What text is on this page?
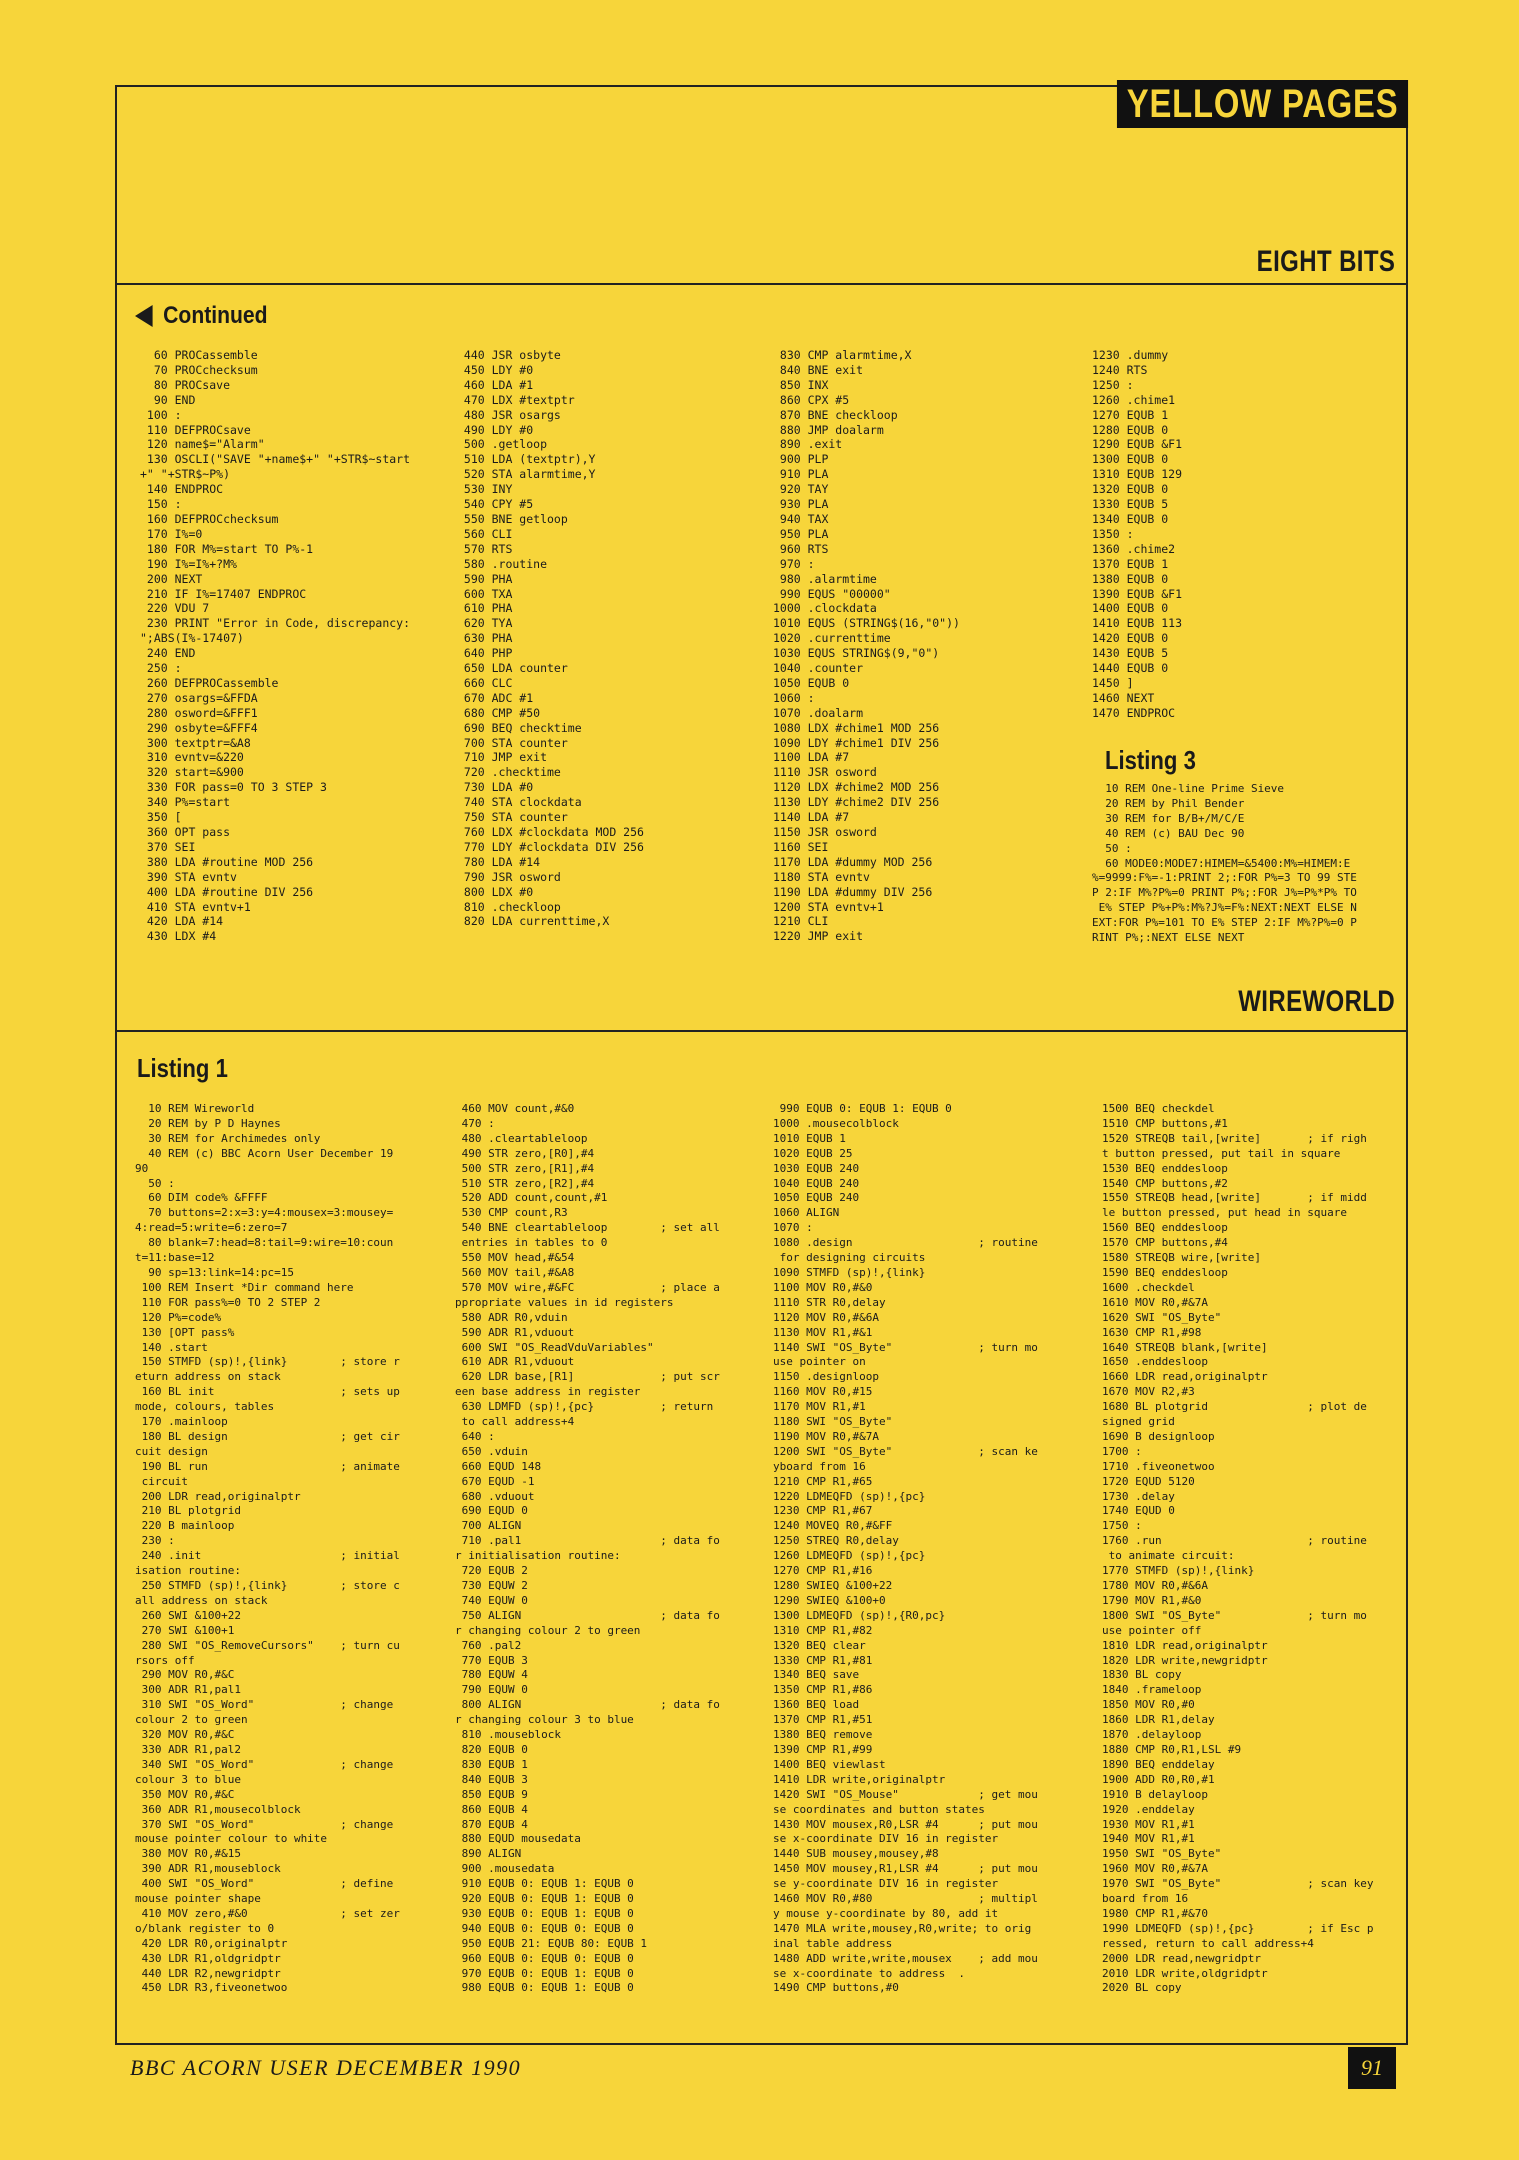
YELLOW PAGES
EIGHT BITS
Continued
60 PROCassemble
70 PROCchecksum
80 PROCsave
90 END
100 :
110 DEFPROCsave
120 name$="Alarm"
130 OSCLI("SAVE "+name$+" "+STR$~start
+" "+STR$~P%)
140 ENDPROC
150 :
160 DEFPROCchecksum
170 I%=0
180 FOR M%=start TO P%-1
190 I%=I%+?M%
200 NEXT
210 IF I%=17407 ENDPROC
220 VDU 7
230 PRINT "Error in Code, discrepancy:
";ABS(I%-17407)
240 END
250 :
260 DEFPROCassemble
270 osargs=&FFDA
280 osword=&FFF1
290 osbyte=&FFF4
300 textptr=&A8
310 evntv=&220
320 start=&900
330 FOR pass=0 TO 3 STEP 3
340 P%=start
350 [
360 OPT pass
370 SEI
380 LDA #routine MOD 256
390 STA evntv
400 LDA #routine DIV 256
410 STA evntv+1
420 LDA #14
430 LDX #4
440 JSR osbyte
450 LDY #0
460 LDA #1
470 LDX #textptr
480 JSR osargs
490 LDY #0
500 .getloop
510 LDA (textptr),Y
520 STA alarmtime,Y
530 INY
540 CPY #5
550 BNE getloop
560 CLI
570 RTS
580 .routine
590 PHA
600 TXA
610 PHA
620 TYA
630 PHA
640 PHP
650 LDA counter
660 CLC
670 ADC #1
680 CMP #50
690 BEQ checktime
700 STA counter
710 JMP exit
720 .checktime
730 LDA #0
740 STA clockdata
750 STA counter
760 LDX #clockdata MOD 256
770 LDY #clockdata DIV 256
780 LDA #14
790 JSR osword
800 LDX #0
810 .checkloop
820 LDA currenttime,X
830 CMP alarmtime,X
840 BNE exit
850 INX
860 CPX #5
870 BNE checkloop
880 JMP doalarm
890 .exit
900 PLP
910 PLA
920 TAY
930 PLA
940 TAX
950 PLA
960 RTS
970 :
980 .alarmtime
990 EQUS "00000"
1000 .clockdata
1010 EQUS (STRING$(16,"0"))
1020 .currenttime
1030 EQUS STRING$(9,"0")
1040 .counter
1050 EQUB 0
1060 :
1070 .doalarm
1080 LDX #chime1 MOD 256
1090 LDY #chime1 DIV 256
1100 LDA #7
1110 JSR osword
1120 LDX #chime2 MOD 256
1130 LDY #chime2 DIV 256
1140 LDA #7
1150 JSR osword
1160 SEI
1170 LDA #dummy MOD 256
1180 STA evntv
1190 LDA #dummy DIV 256
1200 STA evntv+1
1210 CLI
1220 JMP exit
1230 .dummy
1240 RTS
1250 :
1260 .chime1
1270 EQUB 1
1280 EQUB 0
1290 EQUB &F1
1300 EQUB 0
1310 EQUB 129
1320 EQUB 0
1330 EQUB 5
1340 EQUB 0
1350 :
1360 .chime2
1370 EQUB 1
1380 EQUB 0
1390 EQUB &F1
1400 EQUB 0
1410 EQUB 113
1420 EQUB 0
1430 EQUB 5
1440 EQUB 0
1450 ]
1460 NEXT
1470 ENDPROC
Listing 3
10 REM One-line Prime Sieve
20 REM by Phil Bender
30 REM for B/B+/M/C/E
40 REM (c) BAU Dec 90
50 :
60 MODE0:MODE7:HIMEM=&5400:M%=HIMEM:E
%=9999:F%=-1:PRINT 2;:FOR P%=3 TO 99 STE
P 2:IF M%?P%=0 PRINT P%;:FOR J%=P%*P% TO
E% STEP P%+P%:M%?J%=F%:NEXT:NEXT ELSE N
EXT:FOR P%=101 TO E% STEP 2:IF M%?P%=0 P
RINT P%;:NEXT ELSE NEXT
WIREWORLD
Listing 1
10 REM Wireworld
20 REM by P D Haynes
30 REM for Archimedes only
40 REM (c) BBC Acorn User December 19
90
50 :
60 DIM code% &FFFF
70 buttons=2:x=3:y=4:mousex=3:mousey=
4:read=5:write=6:zero=7
80 blank=7:head=8:tail=9:wire=10:coun
t=11:base=12
90 sp=13:link=14:pc=15
100 REM Insert *Dir command here
110 FOR pass%=0 TO 2 STEP 2
120 P%=code%
130 [OPT pass%
140 .start
150 STMFD (sp)!,{link}        ; store r
eturn address on stack
160 BL init                   ; sets up
mode, colours, tables
170 .mainloop
180 BL design                 ; get cir
cuit design
190 BL run                    ; animate
circuit
200 LDR read,originalptr
210 BL plotgrid
220 B mainloop
230 :
240 .init                     ; initial
isation routine:
250 STMFD (sp)!,{link}        ; store c
all address on stack
260 SWI &100+22
270 SWI &100+1
280 SWI "OS_RemoveCursors"    ; turn cu
rsors off
290 MOV R0,#&C
300 ADR R1,pal1
310 SWI "OS_Word"             ; change
colour 2 to green
320 MOV R0,#&C
330 ADR R1,pal2
340 SWI "OS_Word"             ; change
colour 3 to blue
350 MOV R0,#&C
360 ADR R1,mousecolblock
370 SWI "OS_Word"             ; change
mouse pointer colour to white
380 MOV R0,#&15
390 ADR R1,mouseblock
400 SWI "OS_Word"             ; define
mouse pointer shape
410 MOV zero,#&0              ; set zer
o/blank register to 0
420 LDR R0,originalptr
430 LDR R1,oldgridptr
440 LDR R2,newgridptr
450 LDR R3,fiveonetwoo
460 MOV count,#&0
470 :
480 .cleartableloop
490 STR zero,[R0],#4
500 STR zero,[R1],#4
510 STR zero,[R2],#4
520 ADD count,count,#1
530 CMP count,R3
540 BNE cleartableloop        ; set all
entries in tables to 0
550 MOV head,#&54
560 MOV tail,#&A8
570 MOV wire,#&FC             ; place a
ppropriate values in id registers
580 ADR R0,vduin
590 ADR R1,vduout
600 SWI "OS_ReadVduVariables"
610 ADR R1,vduout
620 LDR base,[R1]             ; put scr
een base address in register
630 LDMFD (sp)!,{pc}          ; return
to call address+4
640 :
650 .vduin
660 EQUD 148
670 EQUD -1
680 .vduout
690 EQUD 0
700 ALIGN
710 .pal1                     ; data fo
r initialisation routine:
720 EQUB 2
730 EQUW 2
740 EQUW 0
750 ALIGN                     ; data fo
r changing colour 2 to green
760 .pal2
770 EQUB 3
780 EQUW 4
790 EQUW 0
800 ALIGN                     ; data fo
r changing colour 3 to blue
810 .mouseblock
820 EQUB 0
830 EQUB 1
840 EQUB 3
850 EQUB 9
860 EQUB 4
870 EQUB 4
880 EQUD mousedata
890 ALIGN
900 .mousedata
910 EQUB 0: EQUB 1: EQUB 0
920 EQUB 0: EQUB 1: EQUB 0
930 EQUB 0: EQUB 1: EQUB 0
940 EQUB 0: EQUB 0: EQUB 0
950 EQUB 21: EQUB 80: EQUB 1
960 EQUB 0: EQUB 0: EQUB 0
970 EQUB 0: EQUB 1: EQUB 0
980 EQUB 0: EQUB 1: EQUB 0
990 EQUB 0: EQUB 1: EQUB 0
1000 .mousecolblock
1010 EQUB 1
1020 EQUB 25
1030 EQUB 240
1040 EQUB 240
1050 EQUB 240
1060 ALIGN
1070 :
1080 .design                   ; routine
for designing circuits
1090 STMFD (sp)!,{link}
1100 MOV R0,#&0
1110 STR R0,delay
1120 MOV R0,#&6A
1130 MOV R1,#&1
1140 SWI "OS_Byte"             ; turn mo
use pointer on
1150 .designloop
1160 MOV R0,#15
1170 MOV R1,#1
1180 SWI "OS_Byte"
1190 MOV R0,#&7A
1200 SWI "OS_Byte"             ; scan ke
yboard from 16
1210 CMP R1,#65
1220 LDMEQFD (sp)!,{pc}
1230 CMP R1,#67
1240 MOVEQ R0,#&FF
1250 STREQ R0,delay
1260 LDMEQFD (sp)!,{pc}
1270 CMP R1,#16
1280 SWIEQ &100+22
1290 SWIEQ &100+0
1300 LDMEQFD (sp)!,{R0,pc}
1310 CMP R1,#82
1320 BEQ clear
1330 CMP R1,#81
1340 BEQ save
1350 CMP R1,#86
1360 BEQ load
1370 CMP R1,#51
1380 BEQ remove
1390 CMP R1,#99
1400 BEQ viewlast
1410 LDR write,originalptr
1420 SWI "OS_Mouse"            ; get mou
se coordinates and button states
1430 MOV mousex,R0,LSR #4      ; put mou
se x-coordinate DIV 16 in register
1440 SUB mousey,mousey,#8
1450 MOV mousey,R1,LSR #4      ; put mou
se y-coordinate DIV 16 in register
1460 MOV R0,#80                ; multipl
y mouse y-coordinate by 80, add it
1470 MLA write,mousey,R0,write; to orig
inal table address
1480 ADD write,write,mousex    ; add mou
se x-coordinate to address  .
1490 CMP buttons,#0
1500 BEQ checkdel
1510 CMP buttons,#1
1520 STREQB tail,[write]       ; if righ
t button pressed, put tail in square
1530 BEQ enddesloop
1540 CMP buttons,#2
1550 STREQB head,[write]       ; if midd
le button pressed, put head in square
1560 BEQ enddesloop
1570 CMP buttons,#4
1580 STREQB wire,[write]
1590 BEQ enddesloop
1600 .checkdel
1610 MOV R0,#&7A
1620 SWI "OS_Byte"
1630 CMP R1,#98
1640 STREQB blank,[write]
1650 .enddesloop
1660 LDR read,originalptr
1670 MOV R2,#3
1680 BL plotgrid               ; plot de
signed grid
1690 B designloop
1700 :
1710 .fiveonetwoo
1720 EQUD 5120
1730 .delay
1740 EQUD 0
1750 :
1760 .run                      ; routine
to animate circuit:
1770 STMFD (sp)!,{link}
1780 MOV R0,#&6A
1790 MOV R1,#&0
1800 SWI "OS_Byte"             ; turn mo
use pointer off
1810 LDR read,originalptr
1820 LDR write,newgridptr
1830 BL copy
1840 .frameloop
1850 MOV R0,#0
1860 LDR R1,delay
1870 .delayloop
1880 CMP R0,R1,LSL #9
1890 BEQ enddelay
1900 ADD R0,R0,#1
1910 B delayloop
1920 .enddelay
1930 MOV R1,#1
1940 MOV R1,#1
1950 SWI "OS_Byte"
1960 MOV R0,#&7A
1970 SWI "OS_Byte"             ; scan key
board from 16
1980 CMP R1,#&70
1990 LDMEQFD (sp)!,{pc}        ; if Esc p
ressed, return to call address+4
2000 LDR read,newgridptr
2010 LDR write,oldgridptr
2020 BL copy
BBC ACORN USER DECEMBER 1990	91
